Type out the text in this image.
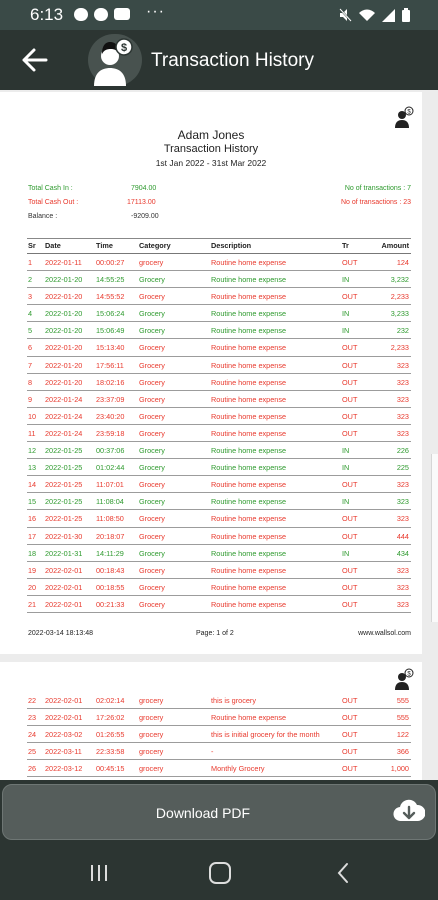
6:13	···
$
Transaction History
$
Adam Jones
Transaction History
1st Jan 2022 - 31st Mar 2022
Total Cash In :	7904.00
Total Cash Out :	17113.00
Balance :	-9209.00
No of transactions : 7
No of transactions : 23
Sr Date	Time	Category	Description	Tr	Amount
1 2022-01-11 00:00:27 grocery	Routine home expense	OUT	124
2 2022-01-20 14:55:25 Grocery	Routine home expense	IN	3,232
3 2022-01-20 14:55:52 Grocery	Routine home expense	OUT	2,233
4 2022-01-20 15:06:24 Grocery	Routine home expense	IN	3,233
5 2022-01-20 15:06:49 Grocery	Routine home expense	IN	232
6 2022-01-20 15:13:40 Grocery	Routine home expense	OUT	2,233
7 2022-01-20 17:56:11 Grocery	Routine home expense	OUT	323
8 2022-01-20 18:02:16 Grocery	Routine home expense	OUT	323
9 2022-01-24 23:37:09 Grocery	Routine home expense	OUT	323
10 2022-01-24 23:40:20 Grocery	Routine home expense	OUT	323
11 2022-01-24 23:59:18 Grocery	Routine home expense	OUT	323
12 2022-01-25 00:37:06 Grocery	Routine home expense	IN	226
13 2022-01-25 01:02:44 Grocery	Routine home expense	IN	225
14 2022-01-25 11:07:01 Grocery	Routine home expense	OUT	323
15 2022-01-25 11:08:04 Grocery	Routine home expense	IN	323
16 2022-01-25 11:08:50 Grocery	Routine home expense	OUT	323
17 2022-01-30 20:18:07 Grocery	Routine home expense	OUT	444
18 2022-01-31 14:11:29 Grocery	Routine home expense	IN	434
19 2022-02-01 00:18:43 Grocery	Routine home expense	OUT	323
20 2022-02-01 00:18:55 Grocery	Routine home expense	OUT	323
21 2022-02-01 00:21:33 Grocery	Routine home expense	OUT	323
2022-03-14 18:13:48	Page: 1 of 2	www.wallsol.com
$
22 2022-02-01 02:02:14 grocery	this is grocery	OUT	555
23 2022-02-01 17:26:02 grocery	Routine home expense	OUT	555
24 2022-03-02 01:26:55 grocery	this is initial grocery for the month	OUT	122
25 2022-03-11 22:33:58 grocery	-	OUT	366
26 2022-03-12 00:45:15 grocery	Monthly Grocery	OUT	1,000
Download PDF
